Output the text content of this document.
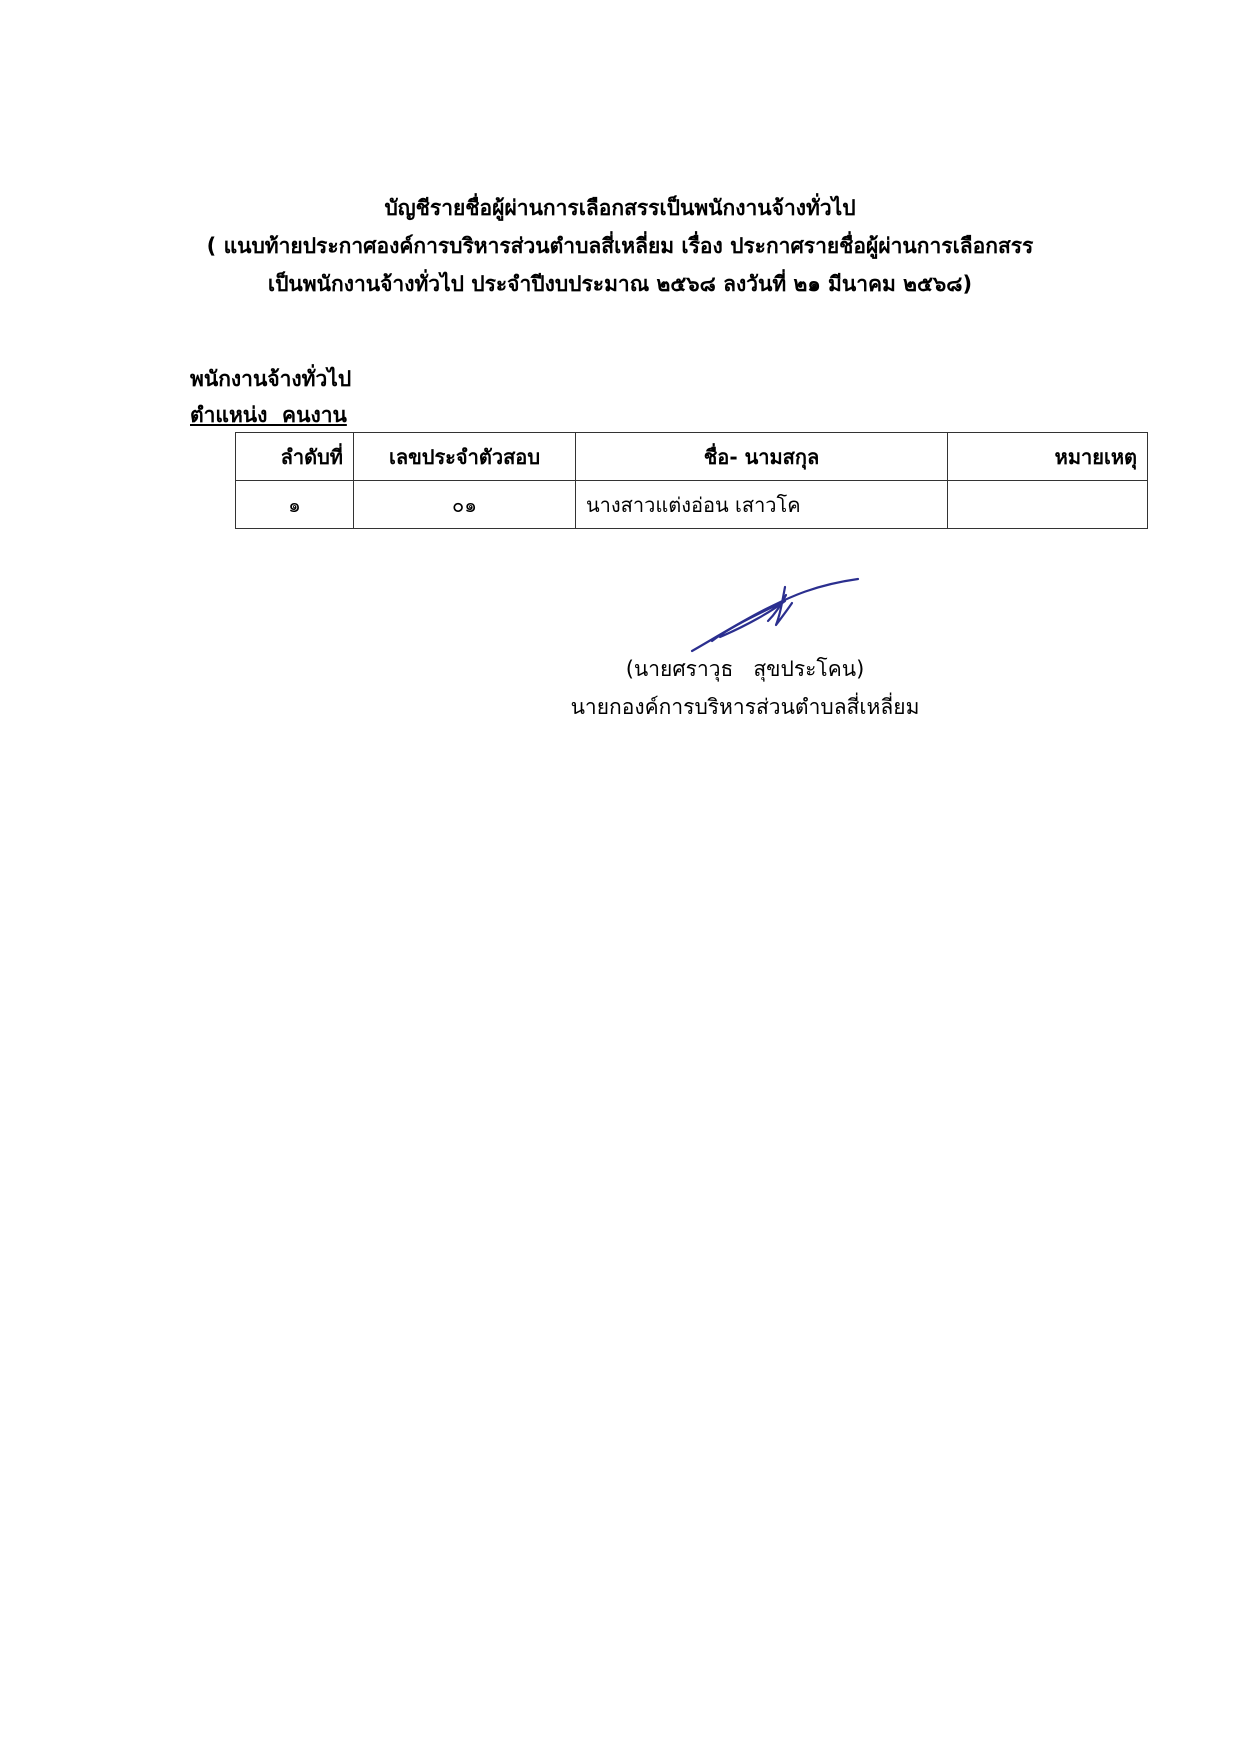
บัญชีรายชื่อผู้ผ่านการเลือกสรรเป็นพนักงานจ้างทั่วไป
( แนบท้ายประกาศองค์การบริหารส่วนตำบลสี่เหลี่ยม เรื่อง ประกาศรายชื่อผู้ผ่านการเลือกสรร
เป็นพนักงานจ้างทั่วไป ประจำปีงบประมาณ ๒๕๖๘ ลงวันที่ ๒๑ มีนาคม ๒๕๖๘)
พนักงานจ้างทั่วไป
ตำแหน่ง  คนงาน
ลำดับที่	เลขประจำตัวสอบ	ชื่อ- นามสกุล	หมายเหตุ
๑	๐๑	นางสาวแต่งอ่อน เสาวโค	
(นายศราวุธ   สุขประโคน)
นายกองค์การบริหารส่วนตำบลสี่เหลี่ยม
